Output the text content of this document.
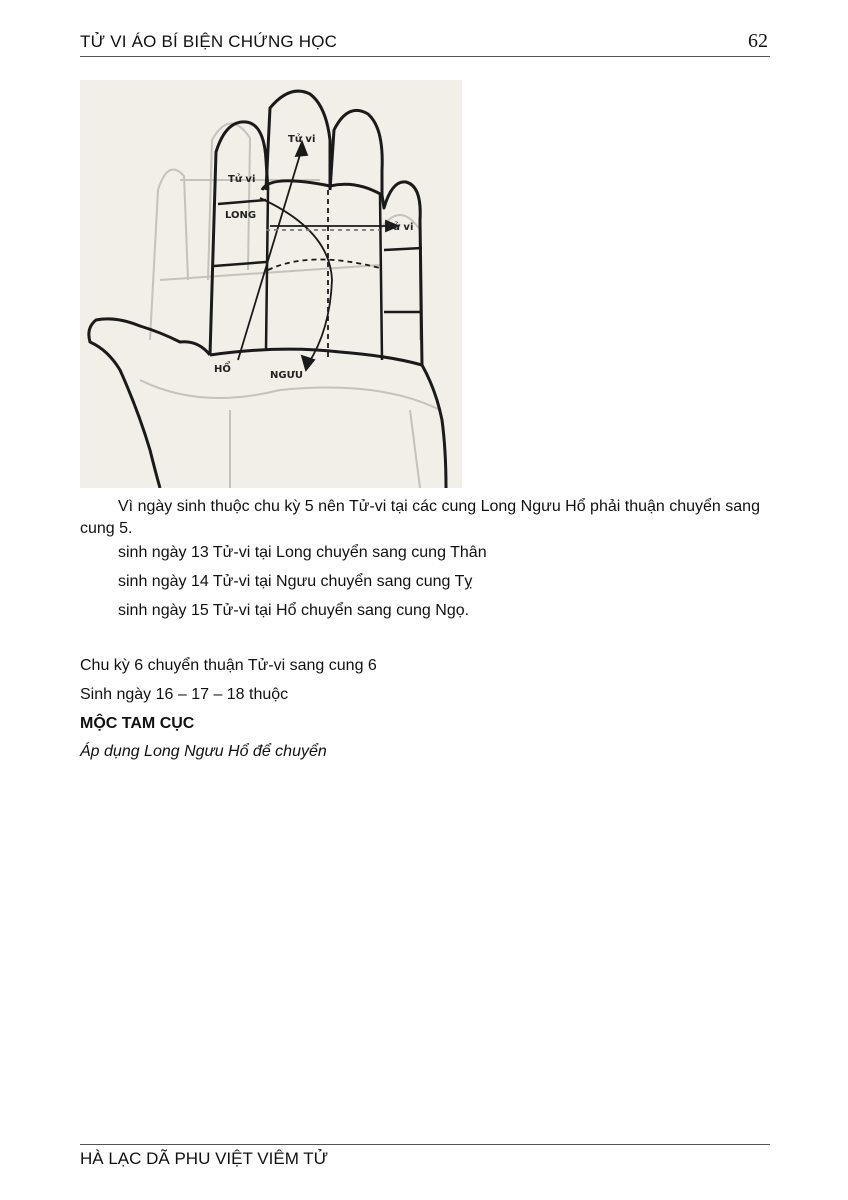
TỬ VI ÁO BÍ BIỆN CHỨNG HỌC	62
Tử vi
Tử vi
LONG
Tử vi
HỔ
NGƯU
Vì ngày sinh thuộc chu kỳ 5 nên Tử-vi tại các cung Long Ngưu Hổ phải thuận chuyển sang cung 5.
sinh ngày 13 Tử-vi tại Long chuyển sang cung Thân
sinh ngày 14 Tử-vi tại Ngưu chuyển sang cung Tỵ
sinh ngày 15 Tử-vi tại Hổ chuyển sang cung Ngọ.
Chu kỳ 6 chuyển thuận Tử-vi sang cung 6
Sinh ngày 16 – 17 – 18 thuộc
MỘC TAM CỤC
Áp dụng Long Ngưu Hổ để chuyển
HÀ LẠC DÃ PHU VIỆT VIÊM TỬ
